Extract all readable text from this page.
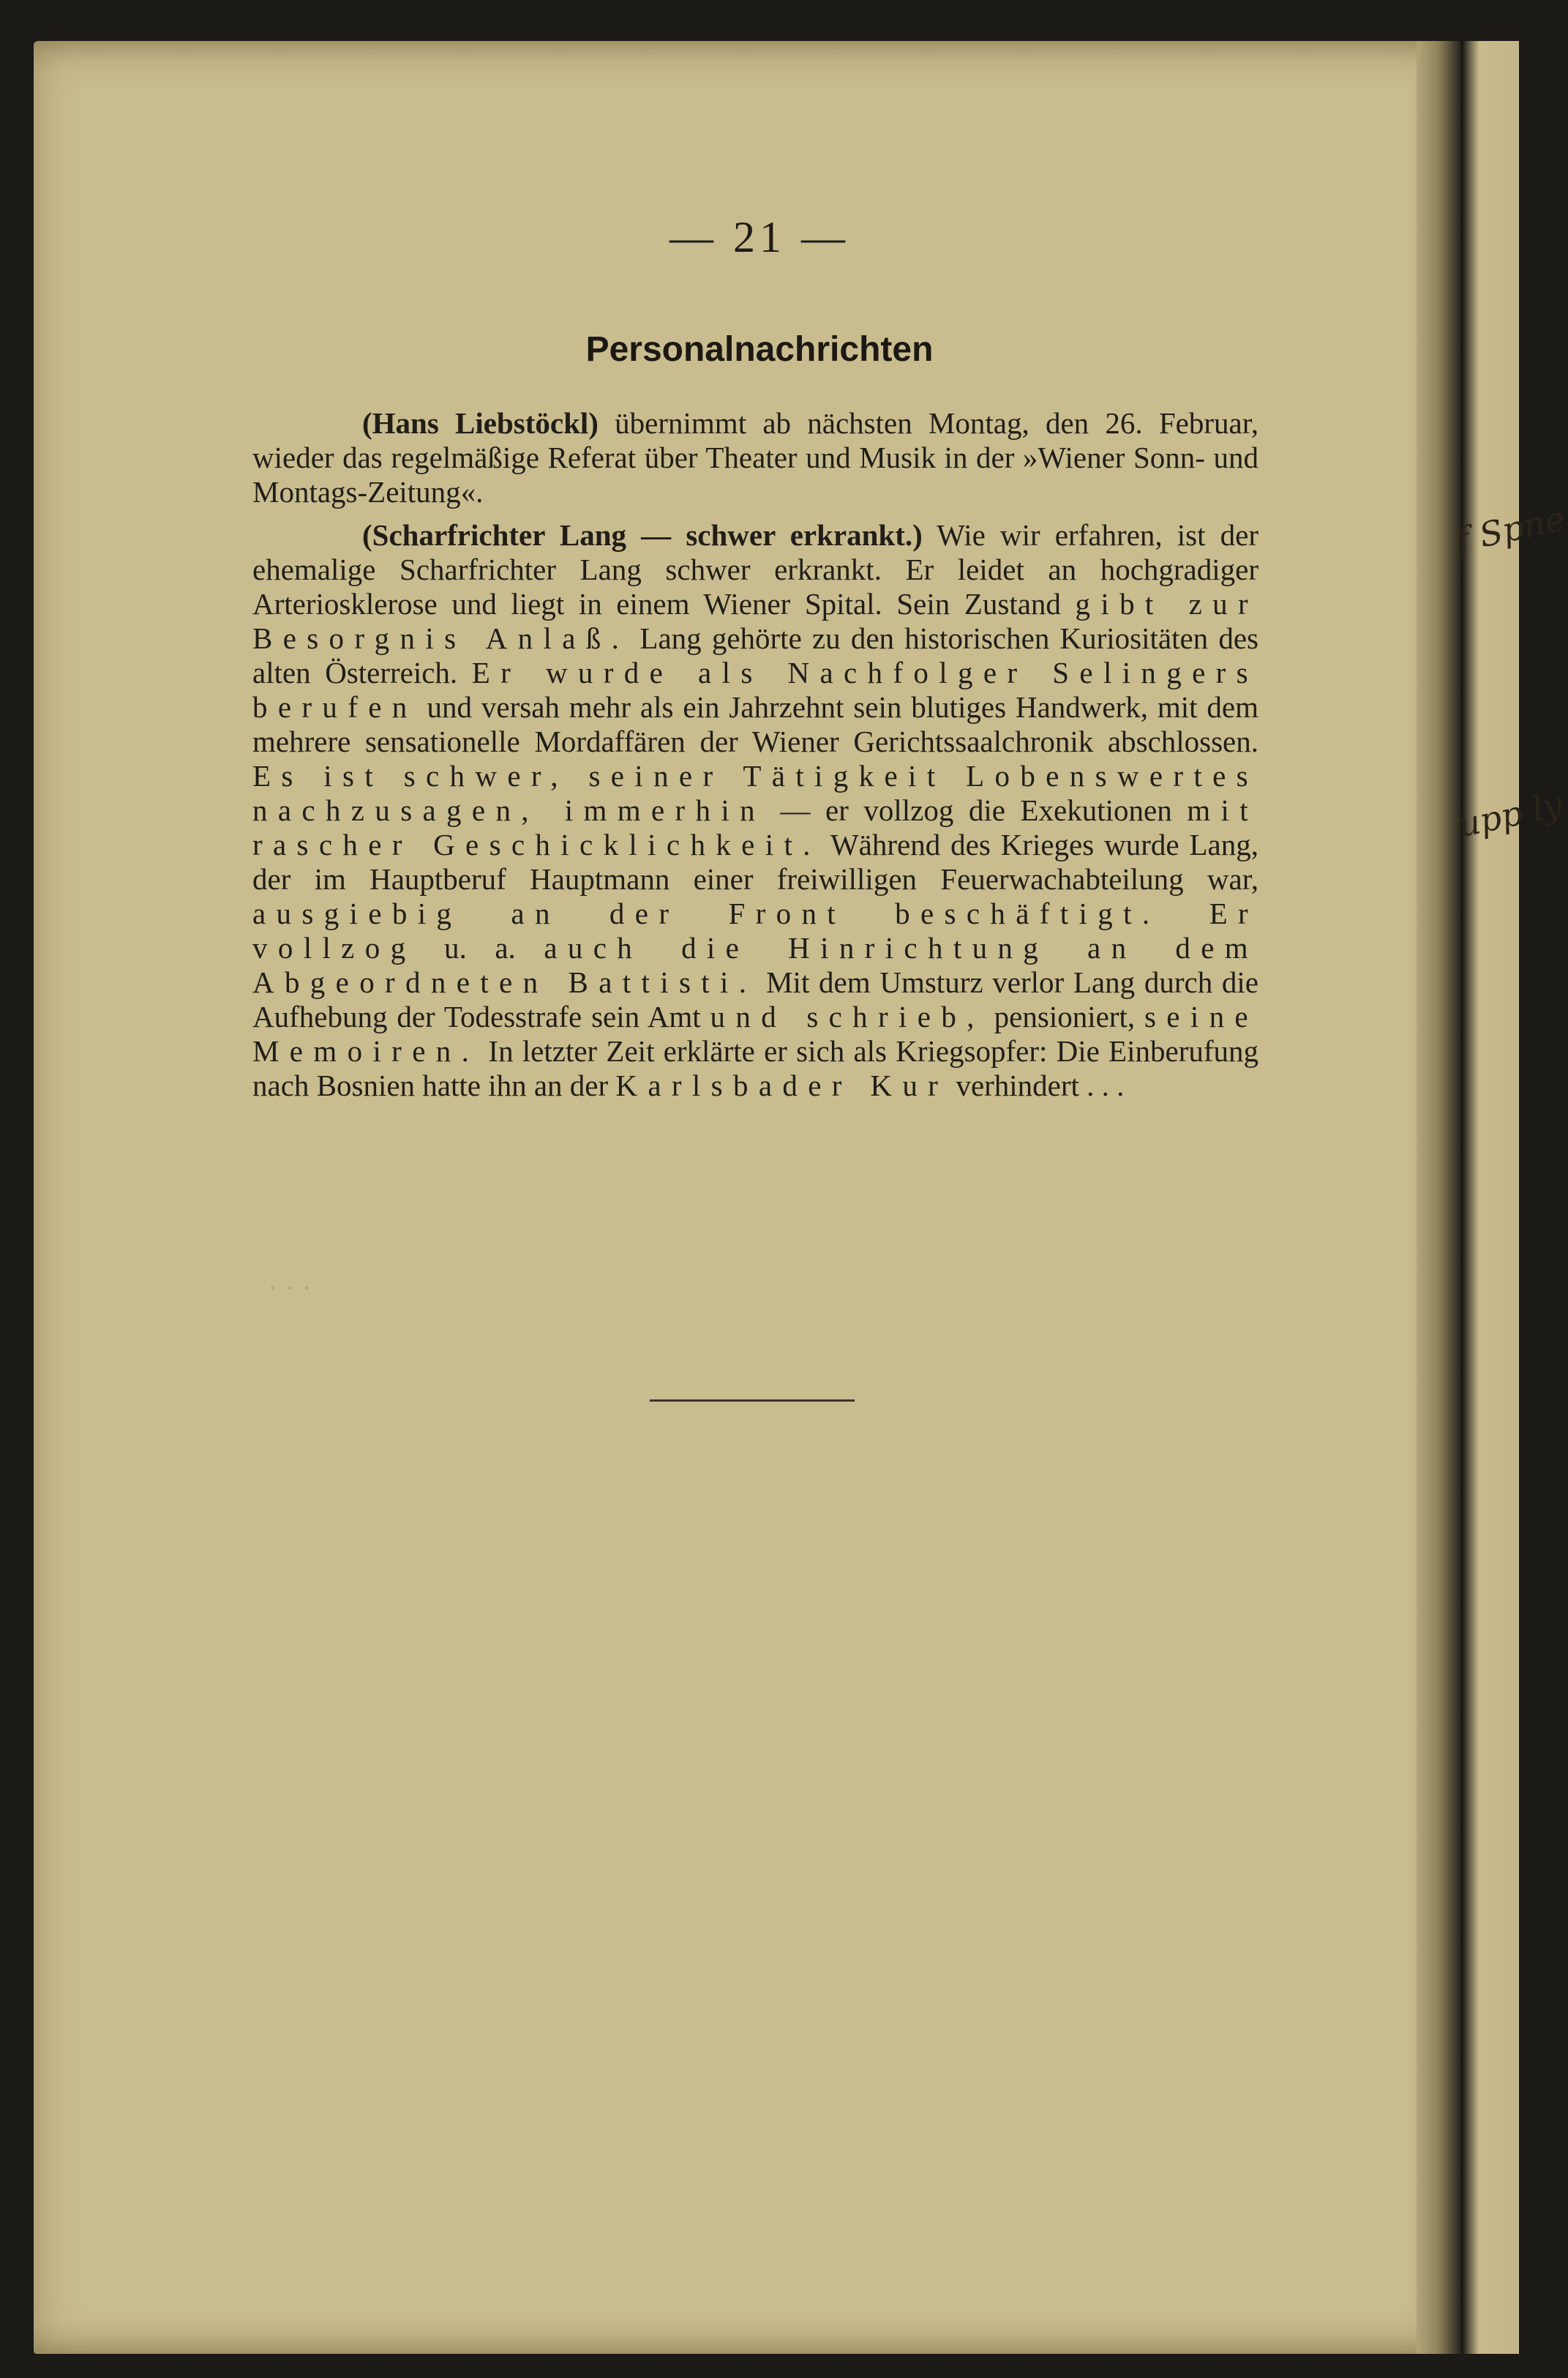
· · ·
f Spne
upp ly
— 21 —
Personalnachrichten

(Hans Liebstöckl) übernimmt ab nächsten Montag, den 26. Februar, wieder das regelmäßige Referat über Theater und Musik in der »Wiener Sonn- und Montags-Zeitung«.

(Scharfrichter Lang — schwer erkrankt.) Wie wir erfahren, ist der ehemalige Scharfrichter Lang schwer erkrankt. Er leidet an hochgradiger Arteriosklerose und liegt in einem Wiener Spital. Sein Zustand gibt zur Besorgnis Anlaß. Lang gehörte zu den historischen Kuriositäten des alten Österreich. Er wurde als Nachfolger Selingers berufen und versah mehr als ein Jahrzehnt sein blutiges Handwerk, mit dem mehrere sensationelle Mordaffären der Wiener Gerichtssaalchronik abschlossen. Es ist schwer, seiner Tätigkeit Lobenswertes nachzusagen, immerhin — er vollzog die Exekutionen mit rascher Geschicklichkeit. Während des Krieges wurde Lang, der im Hauptberuf Hauptmann einer freiwilligen Feuerwachabteilung war, ausgiebig an der Front beschäftigt. Er vollzog u. a. auch die Hinrichtung an dem Abgeordneten Battisti. Mit dem Umsturz verlor Lang durch die Aufhebung der Todesstrafe sein Amt und schrieb, pensioniert, seine Memoiren. In letzter Zeit erklärte er sich als Kriegsopfer: Die Einberufung nach Bosnien hatte ihn an der Karlsbader Kur verhindert . . .
